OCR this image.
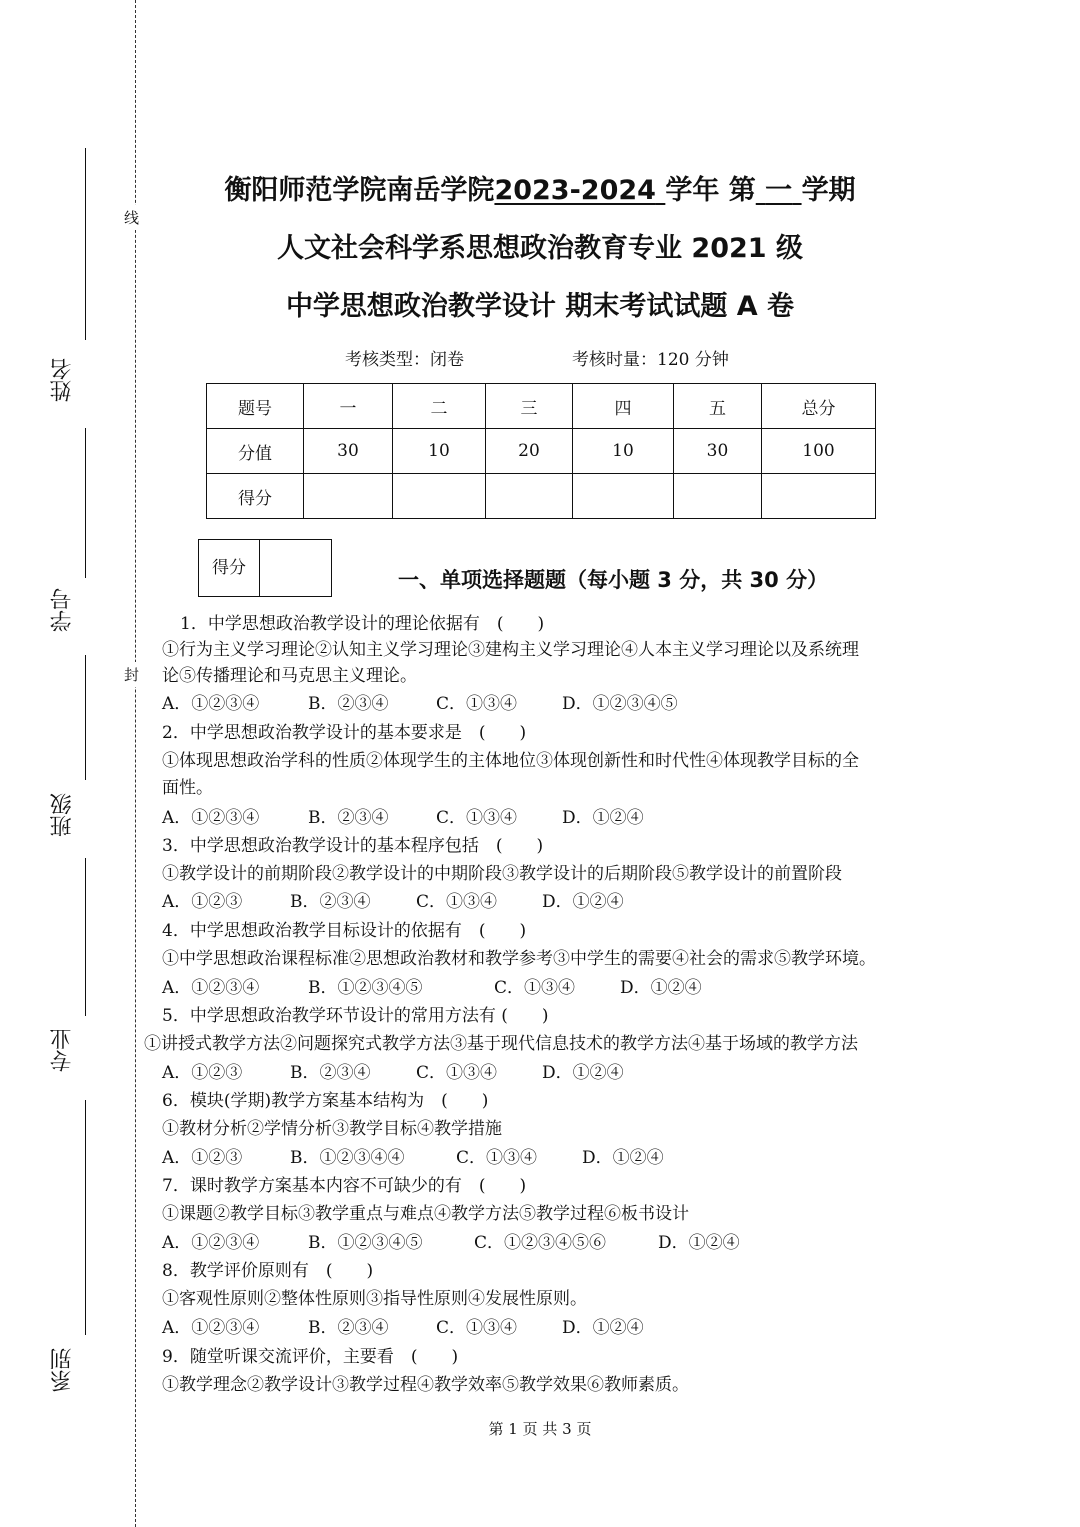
线
封
姓名
学号
班级
专业
系别
衡阳师范学院南岳学院2023-2024 学年 第 一 学期
人文社会科学系思想政治教育专业 2021 级
中学思想政治教学设计 期末考试试题 A 卷
考核类型：闭卷	考核时量：120 分钟
题号	一	二	三	四	五	总分
分值	30	10	20	10	30	100
得分						
得分	一、单项选择题题（每小题 3 分，共 30 分）
1．中学思想政治教学设计的理论依据有　(　　)
①行为主义学习理论②认知主义学习理论③建构主义学习理论④人本主义学习理论以及系统理
论⑤传播理论和马克思主义理论。
A．①②③④	B．②③④	C．①③④	D．①②③④⑤
2．中学思想政治教学设计的基本要求是　(　　)
①体现思想政治学科的性质②体现学生的主体地位③体现创新性和时代性④体现教学目标的全
面性。
A．①②③④	B．②③④	C．①③④	D．①②④
3．中学思想政治教学设计的基本程序包括　(　　)
①教学设计的前期阶段②教学设计的中期阶段③教学设计的后期阶段⑤教学设计的前置阶段
A．①②③	B．②③④	C．①③④	D．①②④
4．中学思想政治教学目标设计的依据有　(　　)
①中学思想政治课程标准②思想政治教材和教学参考③中学生的需要④社会的需求⑤教学环境。
A．①②③④	B．①②③④⑤	C．①③④	D．①②④
5．中学思想政治教学环节设计的常用方法有 (　　)
①讲授式教学方法②问题探究式教学方法③基于现代信息技术的教学方法④基于场域的教学方法
A．①②③	B．②③④	C．①③④	D．①②④
6．模块(学期)教学方案基本结构为　(　　)
①教材分析②学情分析③教学目标④教学措施
A．①②③	B．①②③④④	C．①③④	D．①②④
7．课时教学方案基本内容不可缺少的有　(　　)
①课题②教学目标③教学重点与难点④教学方法⑤教学过程⑥板书设计
A．①②③④	B．①②③④⑤	C．①②③④⑤⑥	D．①②④
8．教学评价原则有　(　　)
①客观性原则②整体性原则③指导性原则④发展性原则。
A．①②③④	B．②③④	C．①③④	D．①②④
9．随堂听课交流评价，主要看　(　　)
①教学理念②教学设计③教学过程④教学效率⑤教学效果⑥教师素质。
第 1 页 共 3 页
